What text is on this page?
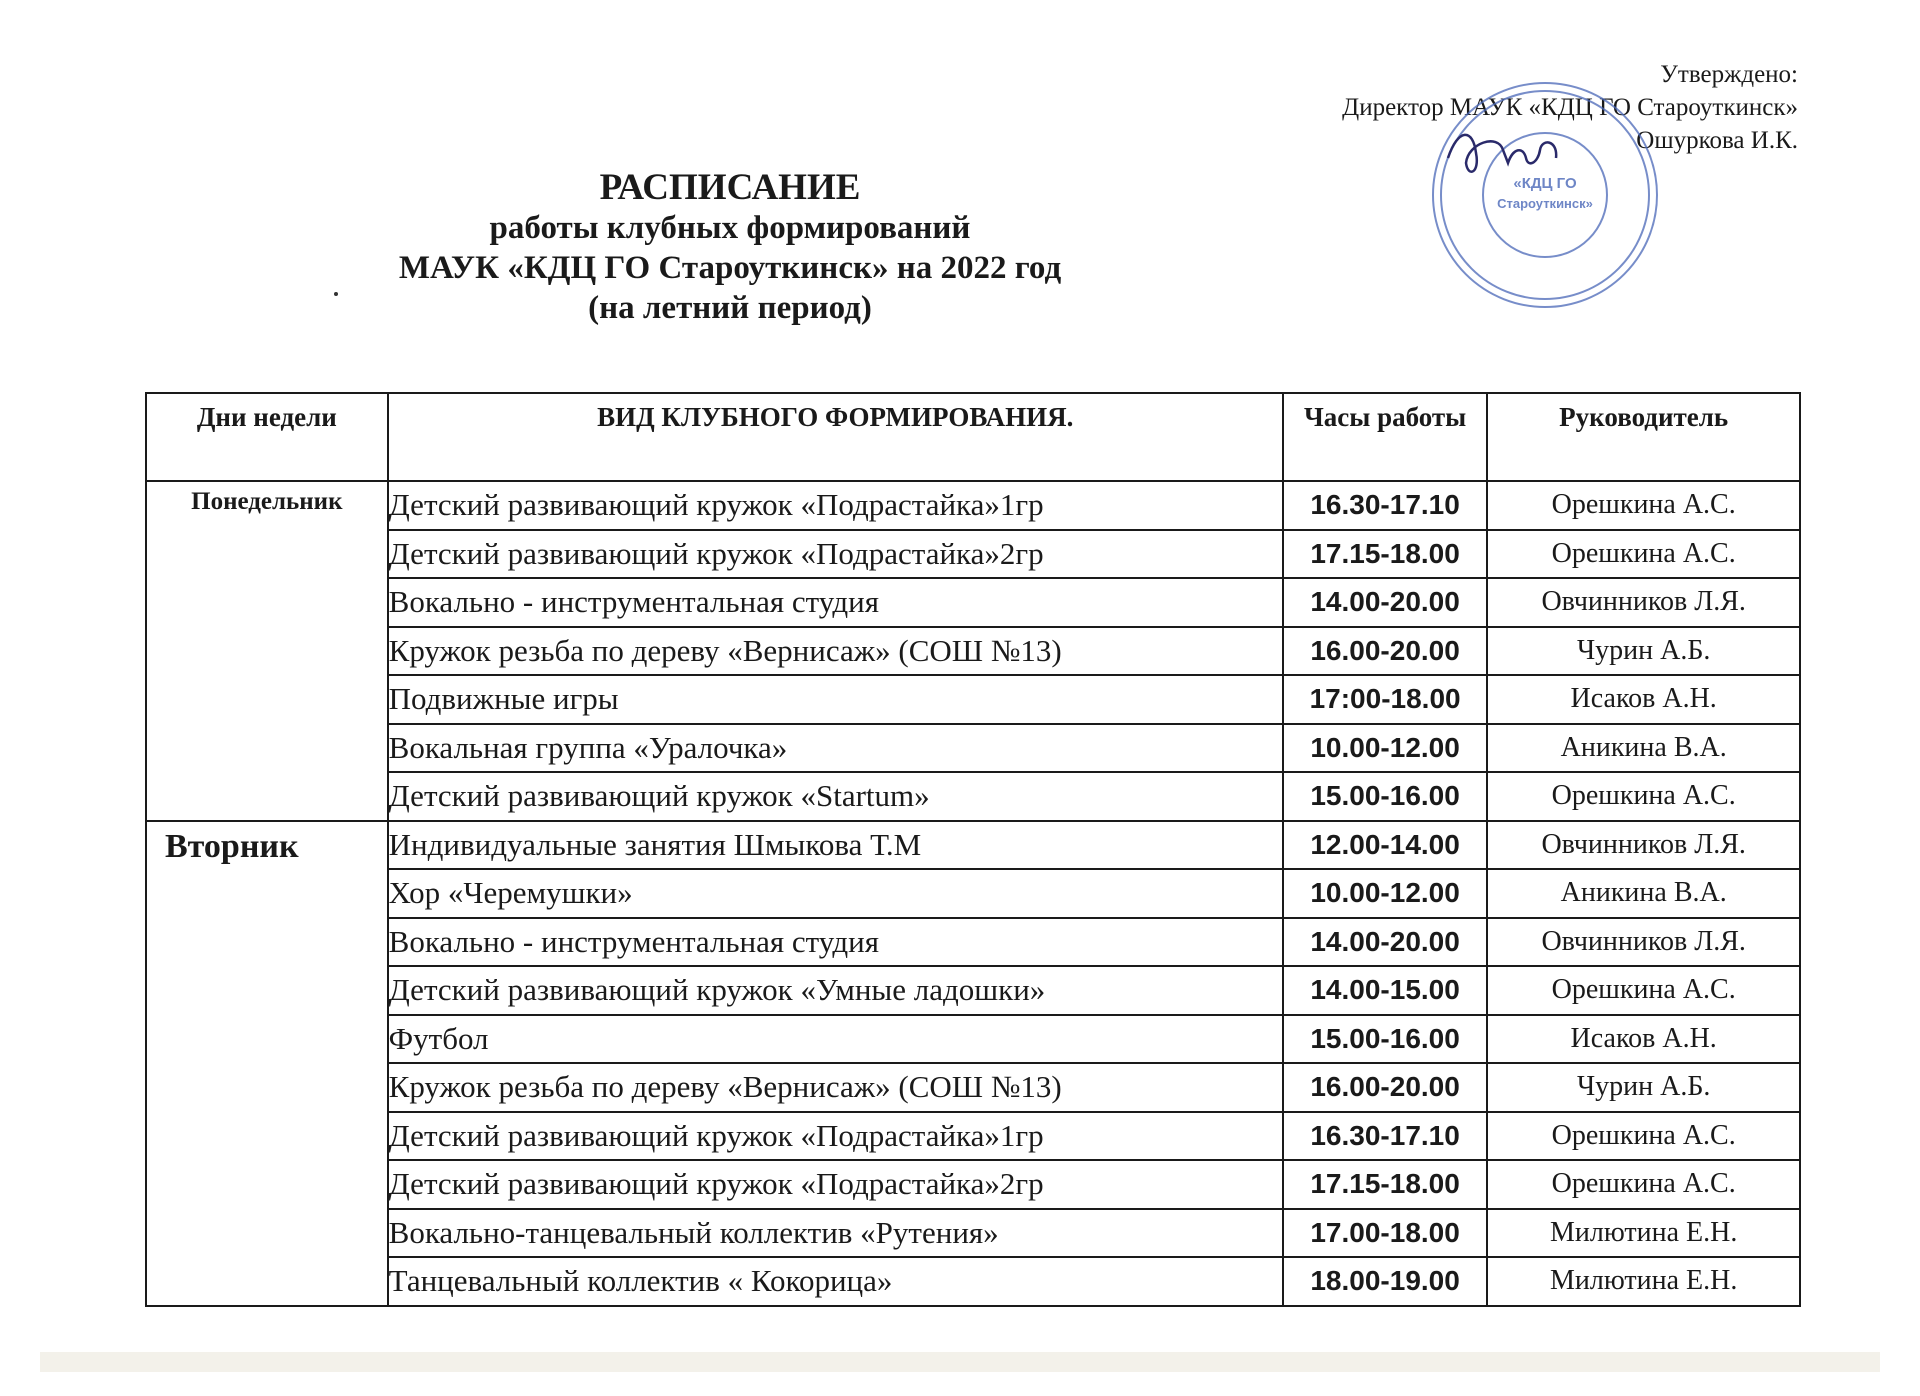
Утверждено:
Директор МАУК «КДЦ ГО Староуткинск»
Ошуркова И.К.
«КДЦ ГО
Староуткинск»
РАСПИСАНИЕ
работы клубных формирований
МАУК «КДЦ ГО Староуткинск» на 2022 год
(на летний период)
Дни недели	ВИД КЛУБНОГО ФОРМИРОВАНИЯ.	Часы работы	Руководитель
Понедельник	Детский развивающий кружок «Подрастайка»1гр	16.30-17.10	Орешкина А.С.
	Детский развивающий кружок «Подрастайка»2гр	17.15-18.00	Орешкина А.С.
	Вокально - инструментальная студия	14.00-20.00	Овчинников Л.Я.
	Кружок резьба по дереву «Вернисаж» (СОШ №13)	16.00-20.00	Чурин А.Б.
	Подвижные игры	17:00-18.00	Исаков А.Н.
	Вокальная группа «Уралочка»	10.00-12.00	Аникина В.А.
	Детский развивающий кружок «Startum»	15.00-16.00	Орешкина А.С.
Вторник	Индивидуальные занятия Шмыкова Т.М	12.00-14.00	Овчинников Л.Я.
	Хор «Черемушки»	10.00-12.00	Аникина В.А.
	Вокально - инструментальная студия	14.00-20.00	Овчинников Л.Я.
	Детский развивающий кружок «Умные ладошки»	14.00-15.00	Орешкина А.С.
	Футбол	15.00-16.00	Исаков А.Н.
	Кружок резьба по дереву «Вернисаж» (СОШ №13)	16.00-20.00	Чурин А.Б.
	Детский развивающий кружок «Подрастайка»1гр	16.30-17.10	Орешкина А.С.
	Детский развивающий кружок «Подрастайка»2гр	17.15-18.00	Орешкина А.С.
	Вокально-танцевальный коллектив «Рутения»	17.00-18.00	Милютина Е.Н.
	Танцевальный коллектив « Кокорица»	18.00-19.00	Милютина Е.Н.
